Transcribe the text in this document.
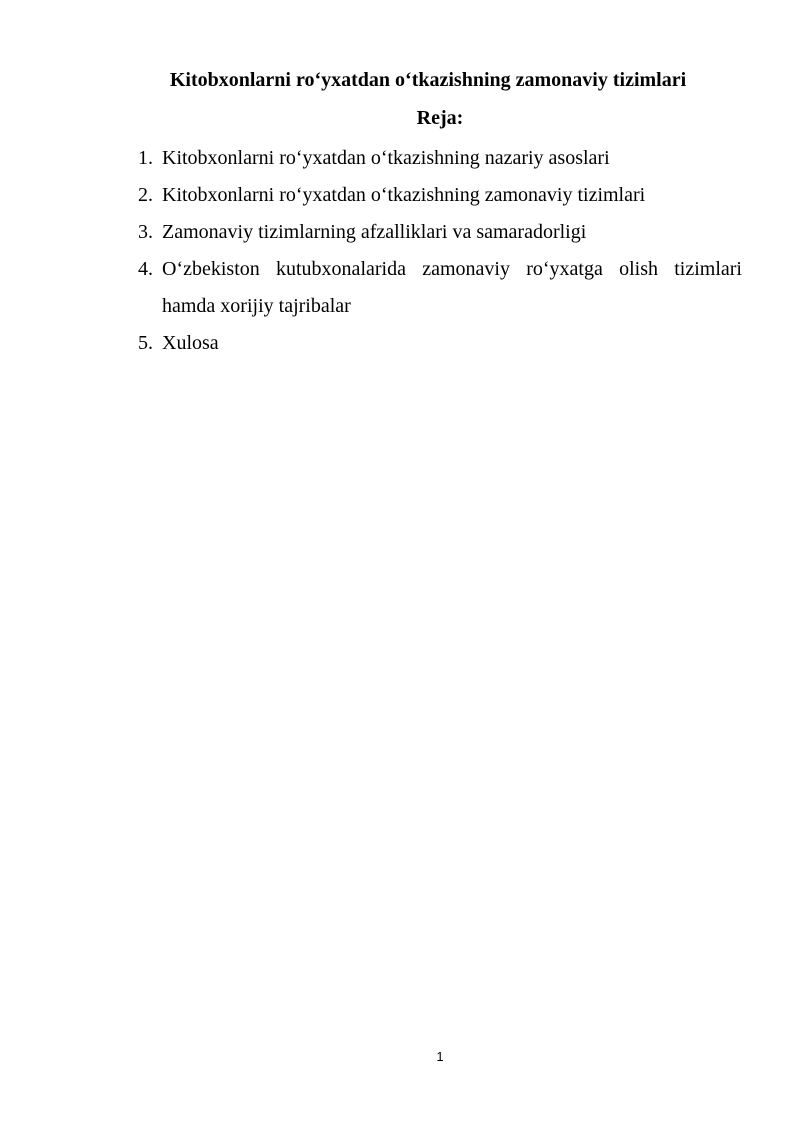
Kitobxonlarni ro‘yxatdan o‘tkazishning zamonaviy tizimlari
Reja:
1. Kitobxonlarni ro‘yxatdan o‘tkazishning nazariy asoslari
2. Kitobxonlarni ro‘yxatdan o‘tkazishning zamonaviy tizimlari
3. Zamonaviy tizimlarning afzalliklari va samaradorligi
4. O‘zbekiston kutubxonalarida zamonaviy ro‘yxatga olish tizimlari
hamda xorijiy tajribalar
5. Xulosa
1
